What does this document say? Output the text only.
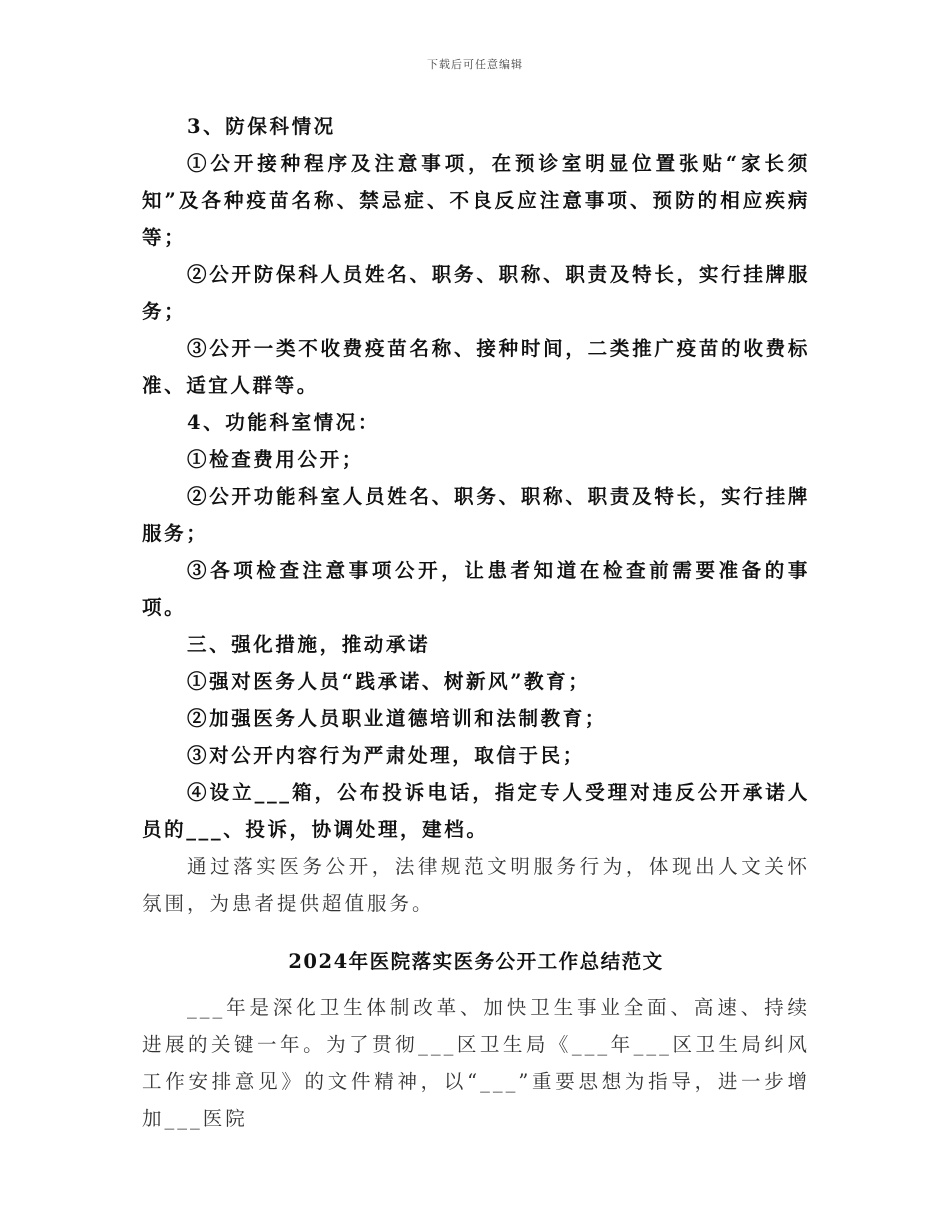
下载后可任意编辑

3、防保科情况

①公开接种程序及注意事项，在预诊室明显位置张贴“家长须知”及各种疫苗名称、禁忌症、不良反应注意事项、预防的相应疾病等；

②公开防保科人员姓名、职务、职称、职责及特长，实行挂牌服务；

③公开一类不收费疫苗名称、接种时间，二类推广疫苗的收费标准、适宜人群等。

4、功能科室情况：

①检查费用公开；

②公开功能科室人员姓名、职务、职称、职责及特长，实行挂牌服务；

③各项检查注意事项公开，让患者知道在检查前需要准备的事项。

三、强化措施，推动承诺

①强对医务人员“践承诺、树新风”教育；

②加强医务人员职业道德培训和法制教育；

③对公开内容行为严肃处理，取信于民；

④设立___箱，公布投诉电话，指定专人受理对违反公开承诺人员的___、投诉，协调处理，建档。

通过落实医务公开，法律规范文明服务行为，体现出人文关怀氛围，为患者提供超值服务。

2024年医院落实医务公开工作总结范文

___年是深化卫生体制改革、加快卫生事业全面、高速、持续进展的关键一年。为了贯彻___区卫生局《___年___区卫生局纠风工作安排意见》的文件精神，以“___”重要思想为指导，进一步增加___医院
